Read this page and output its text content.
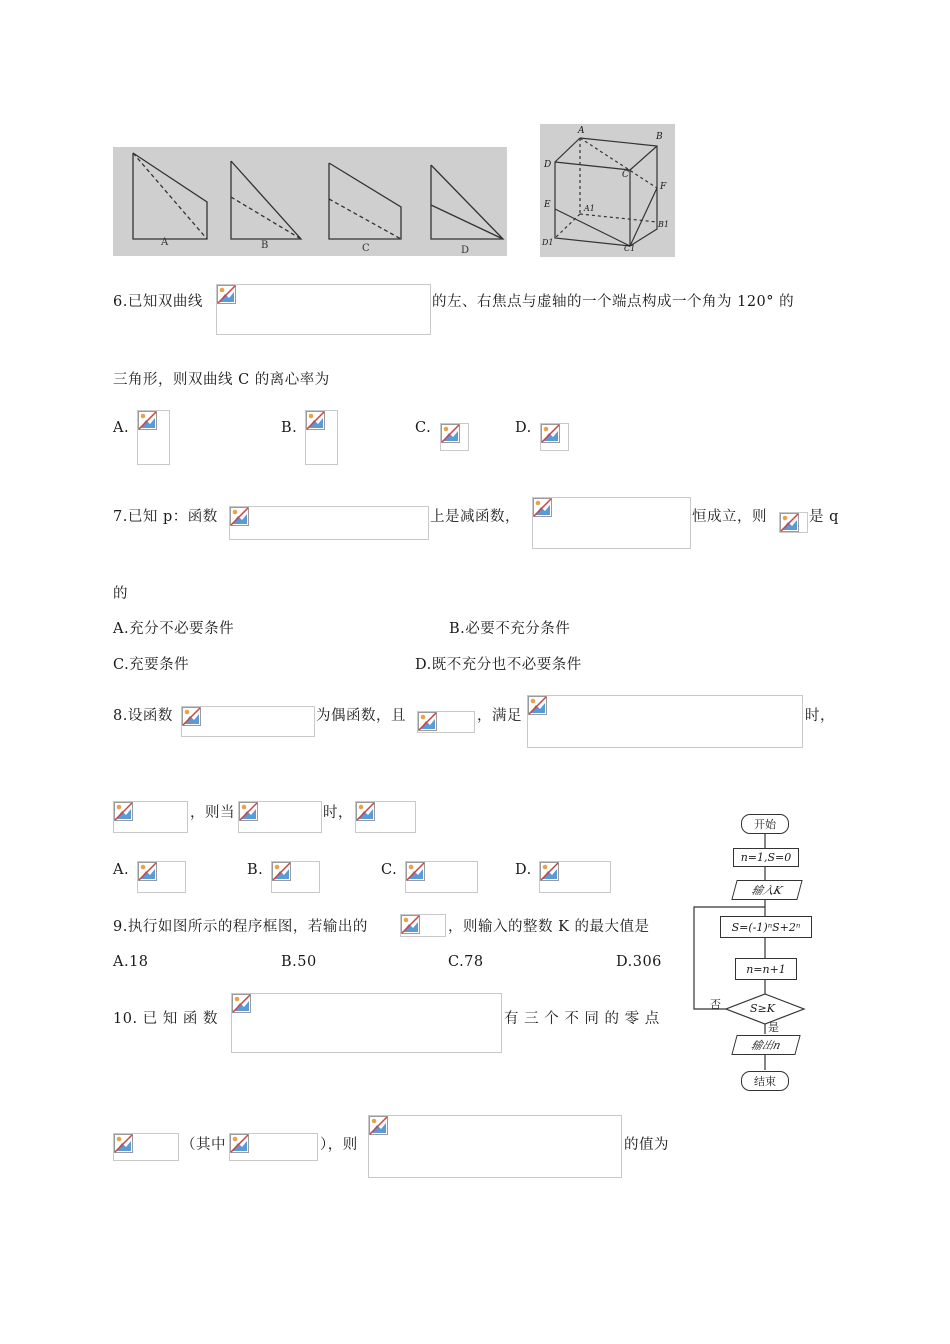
A	B	C	D
A
B
D
C
E
F
A1
B1
D1
C1
6.已知双曲线	的左、右焦点与虚轴的一个端点构成一个角为 120° 的
三角形，则双曲线 C 的离心率为
A.	B.	C.	D.
7.已知 p：函数	上是减函数，	恒成立，则	是 q
的
A.充分不必要条件	B.必要不充分条件
C.充要条件	D.既不充分也不必要条件
8.设函数	为偶函数，且	，满足	时，
，则当	时，
A.	B.	C.	D.
9.执行如图所示的程序框图，若输出的	，则输入的整数 K 的最大值是
A.18	B.50	C.78	D.306
10. 已 知 函 数	有 三 个 不 同 的 零 点
（其中	），则	的值为
开始
n=1,S=0
输入K
S=(-1)ⁿS+2ⁿ
n=n+1
S≥K
否
是
输出n
结束
